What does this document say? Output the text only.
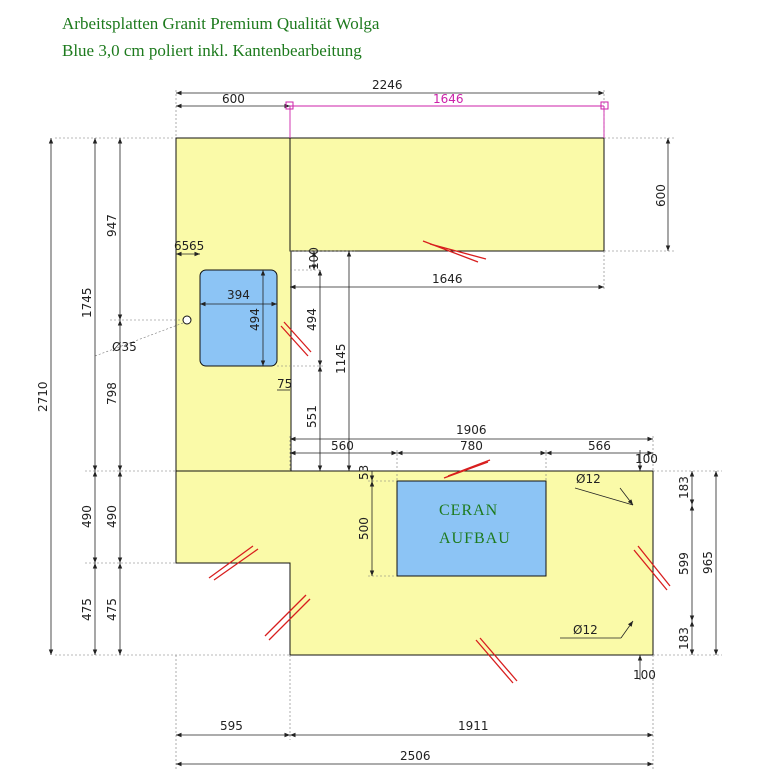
Arbeitsplatten Granit Premium Qualität Wolga
Blue 3,0 cm poliert inkl. Kantenbearbeitung
CERAN
AUFBAU
2246
600	1646
1646
394
65 65
75
Ø35
1906
560	780	566
Ø12
Ø12
100
595	1911
2506
600
2710
1745
947
798
490 490
475 475
494
100
494
1145
551
53
500
100
183
599
183
965
